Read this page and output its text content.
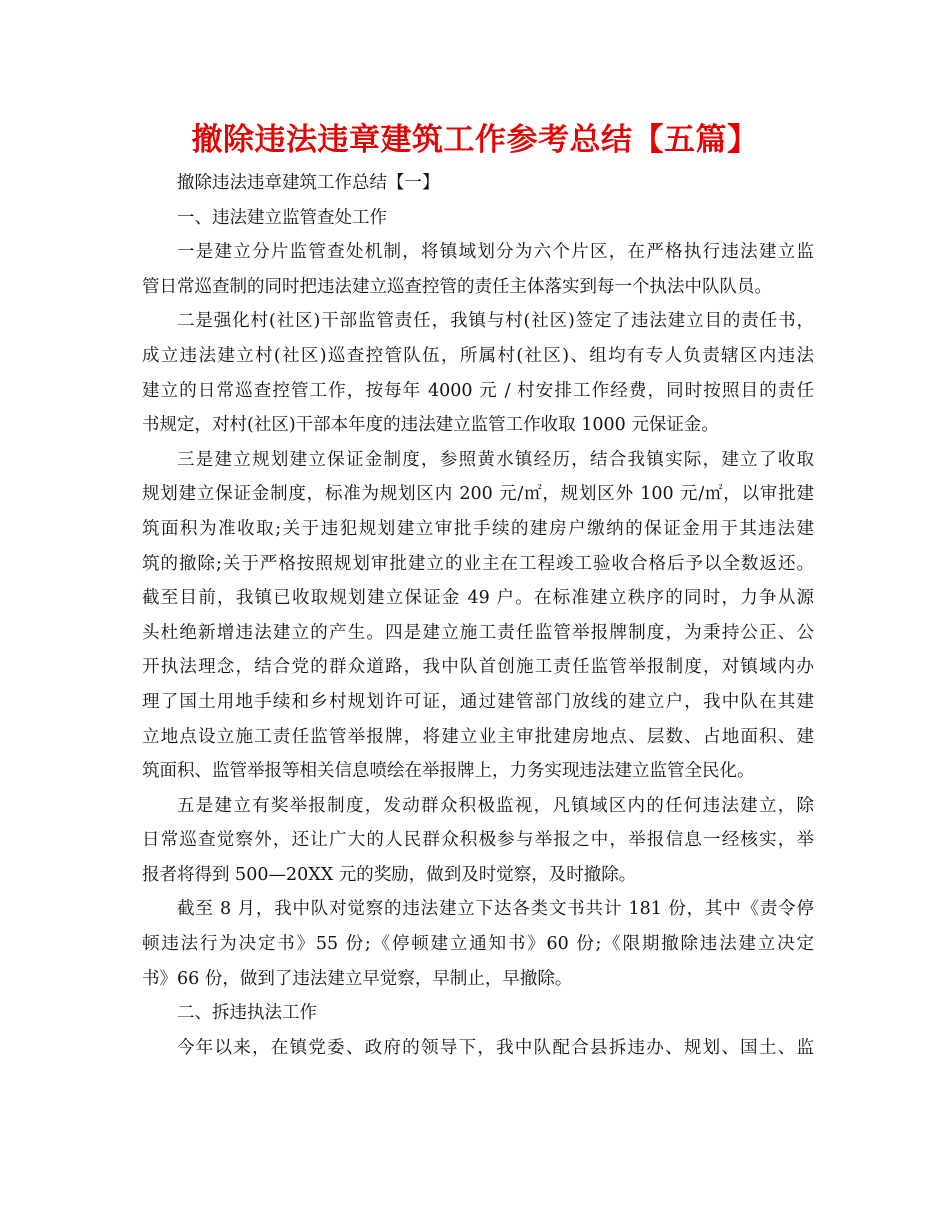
撤除违法违章建筑工作参考总结【五篇】
撤除违法违章建筑工作总结【一】
一、违法建立监管查处工作
一是建立分片监管查处机制，将镇域划分为六个片区，在严格执行违法建立监
管日常巡查制的同时把违法建立巡查控管的责任主体落实到每一个执法中队队员。
二是强化村(社区)干部监管责任，我镇与村(社区)签定了违法建立目的责任书，
成立违法建立村(社区)巡查控管队伍，所属村(社区)、组均有专人负责辖区内违法
建立的日常巡查控管工作，按每年 4000 元 / 村安排工作经费，同时按照目的责任
书规定，对村(社区)干部本年度的违法建立监管工作收取 1000 元保证金。
三是建立规划建立保证金制度，参照黄水镇经历，结合我镇实际，建立了收取
规划建立保证金制度，标准为规划区内 200 元/㎡，规划区外 100 元/㎡，以审批建
筑面积为准收取;关于违犯规划建立审批手续的建房户缴纳的保证金用于其违法建
筑的撤除;关于严格按照规划审批建立的业主在工程竣工验收合格后予以全数返还。
截至目前，我镇已收取规划建立保证金 49 户。在标准建立秩序的同时，力争从源
头杜绝新增违法建立的产生。四是建立施工责任监管举报牌制度，为秉持公正、公
开执法理念，结合党的群众道路，我中队首创施工责任监管举报制度，对镇域内办
理了国土用地手续和乡村规划许可证，通过建管部门放线的建立户，我中队在其建
立地点设立施工责任监管举报牌，将建立业主审批建房地点、层数、占地面积、建
筑面积、监管举报等相关信息喷绘在举报牌上，力务实现违法建立监管全民化。
五是建立有奖举报制度，发动群众积极监视，凡镇域区内的任何违法建立，除
日常巡查觉察外，还让广大的人民群众积极参与举报之中，举报信息一经核实，举
报者将得到 500—20XX 元的奖励，做到及时觉察，及时撤除。
截至 8 月，我中队对觉察的违法建立下达各类文书共计 181 份，其中《责令停
顿违法行为决定书》55 份;《停顿建立通知书》60 份;《限期撤除违法建立决定
书》66 份，做到了违法建立早觉察，早制止，早撤除。
二、拆违执法工作
今年以来，在镇党委、政府的领导下，我中队配合县拆违办、规划、国土、监
